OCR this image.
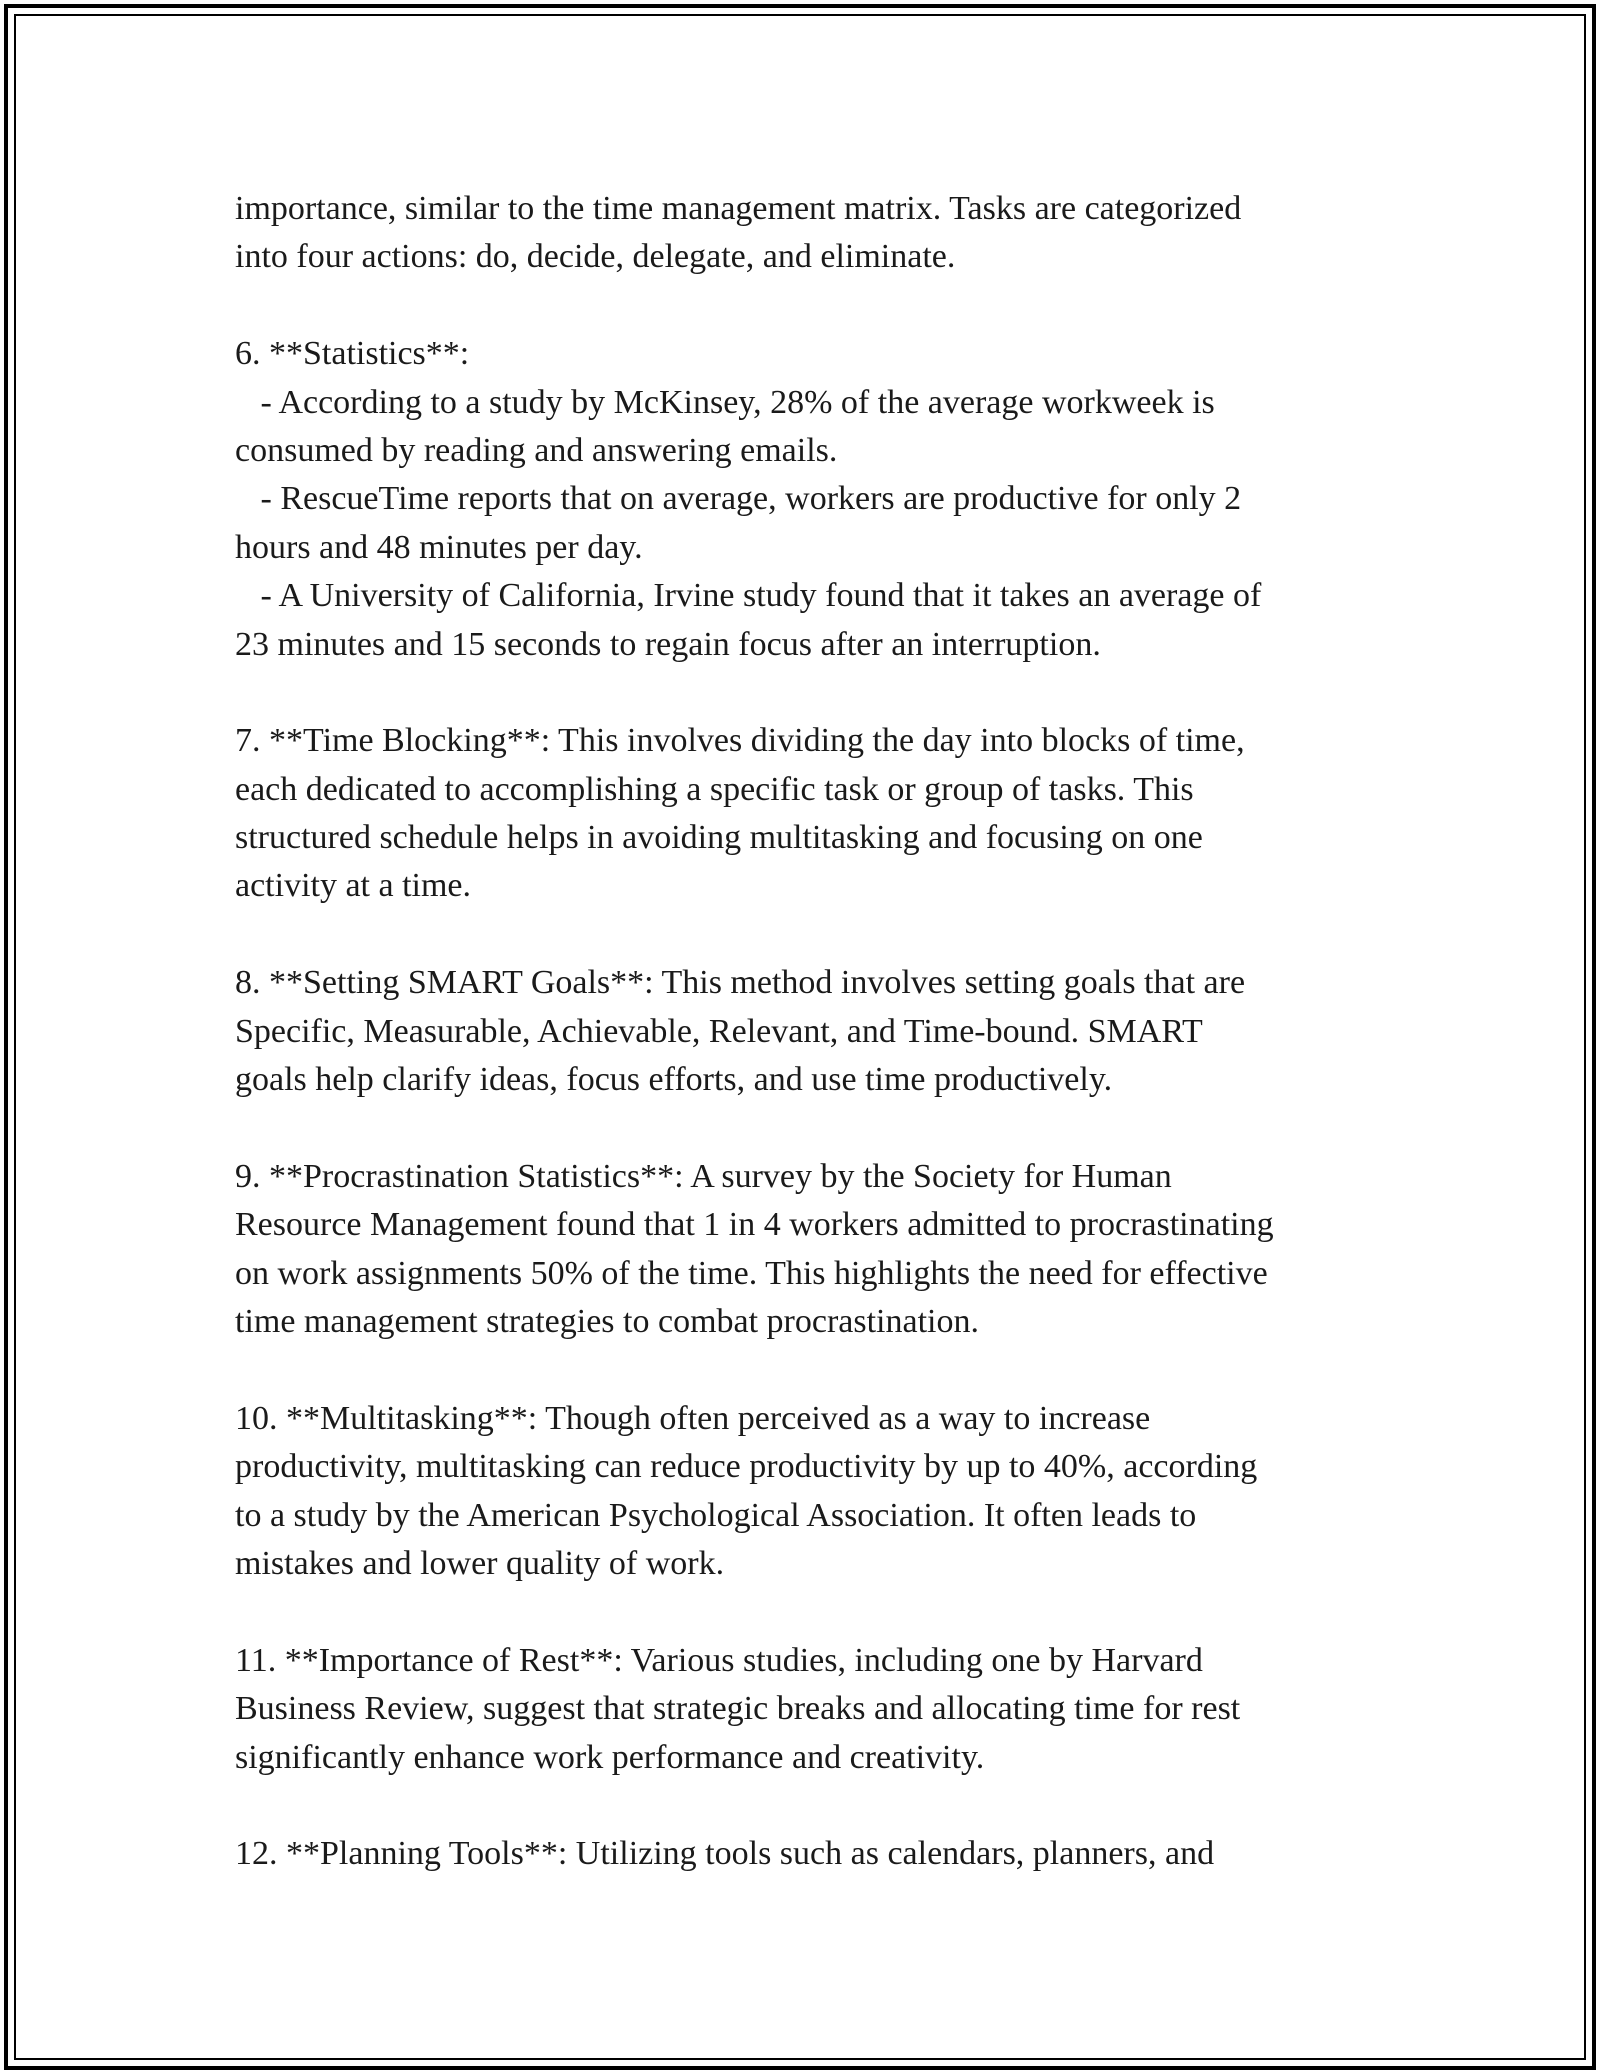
importance, similar to the time management matrix. Tasks are categorized
into four actions: do, decide, delegate, and eliminate.
6. **Statistics**:
- According to a study by McKinsey, 28% of the average workweek is
consumed by reading and answering emails.
- RescueTime reports that on average, workers are productive for only 2
hours and 48 minutes per day.
- A University of California, Irvine study found that it takes an average of
23 minutes and 15 seconds to regain focus after an interruption.
7. **Time Blocking**: This involves dividing the day into blocks of time,
each dedicated to accomplishing a specific task or group of tasks. This
structured schedule helps in avoiding multitasking and focusing on one
activity at a time.
8. **Setting SMART Goals**: This method involves setting goals that are
Specific, Measurable, Achievable, Relevant, and Time-bound. SMART
goals help clarify ideas, focus efforts, and use time productively.
9. **Procrastination Statistics**: A survey by the Society for Human
Resource Management found that 1 in 4 workers admitted to procrastinating
on work assignments 50% of the time. This highlights the need for effective
time management strategies to combat procrastination.
10. **Multitasking**: Though often perceived as a way to increase
productivity, multitasking can reduce productivity by up to 40%, according
to a study by the American Psychological Association. It often leads to
mistakes and lower quality of work.
11. **Importance of Rest**: Various studies, including one by Harvard
Business Review, suggest that strategic breaks and allocating time for rest
significantly enhance work performance and creativity.
12. **Planning Tools**: Utilizing tools such as calendars, planners, and
